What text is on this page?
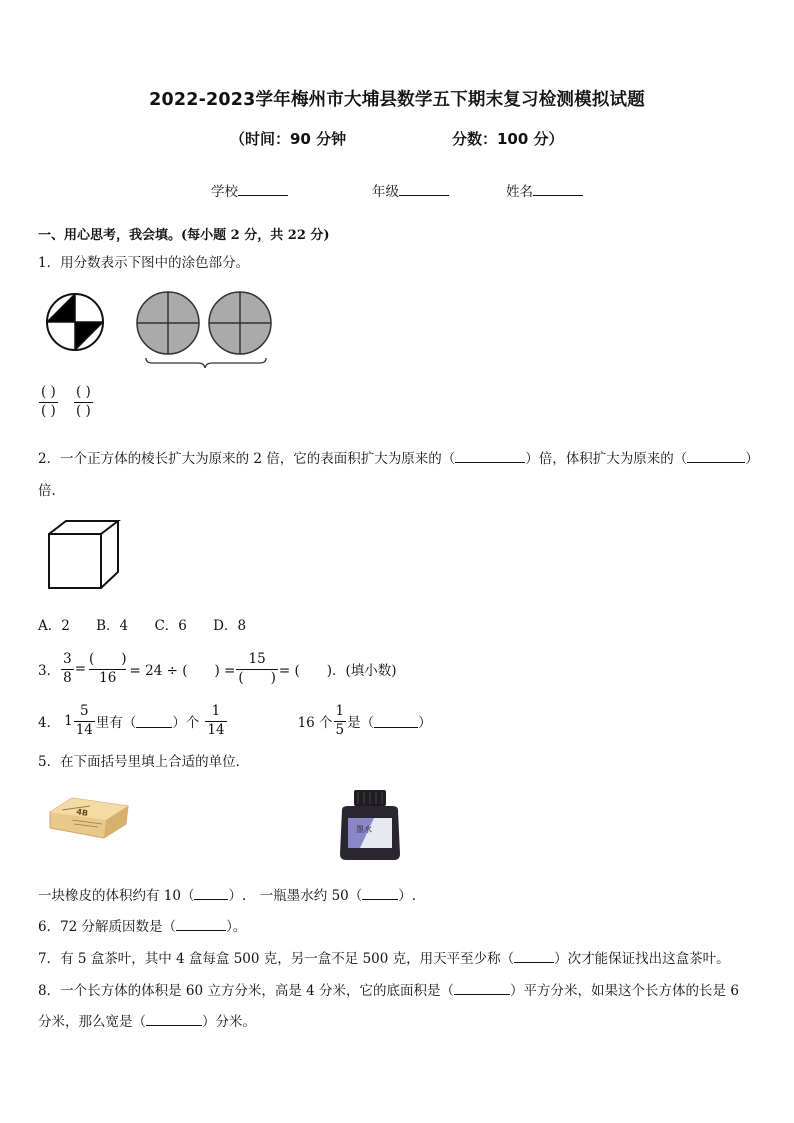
2022-2023学年梅州市大埔县数学五下期末复习检测模拟试题
（时间：90 分钟	分数：100 分）
学校	年级	姓名
一、用心思考，我会填。(每小题 2 分，共 22 分)
1．用分数表示下图中的涂色部分。
$\frac{( )}{( )} \frac{( )}{( )}$
2．一个正方体的棱长扩大为原来的 2 倍，它的表面积扩大为原来的（	）倍，体积扩大为原来的（	）
倍.
A．2 B．4 C．6 D．8
3． $\frac{3}{8} = \frac{( )}{16} = 24$ ÷ (　　) = $\frac{15}{( )}$ = (　　)．(填小数)
4． $1 \frac{5}{14}$ 里有（	）个 $\frac{1}{14}$	16 个 $\frac{1}{5}$ 是（	）
5．在下面括号里填上合适的单位．
4B
墨水
一块橡皮的体积约有 10（	）.　一瓶墨水约 50（	）.
6．72 分解质因数是（	）。
7．有 5 盒茶叶，其中 4 盒每盒 500 克，另一盒不足 500 克，用天平至少称（	）次才能保证找出这盒茶叶。
8．一个长方体的体积是 60 立方分米，高是 4 分米，它的底面积是（	）平方分米，如果这个长方体的长是 6
分米，那么宽是（	）分米。
